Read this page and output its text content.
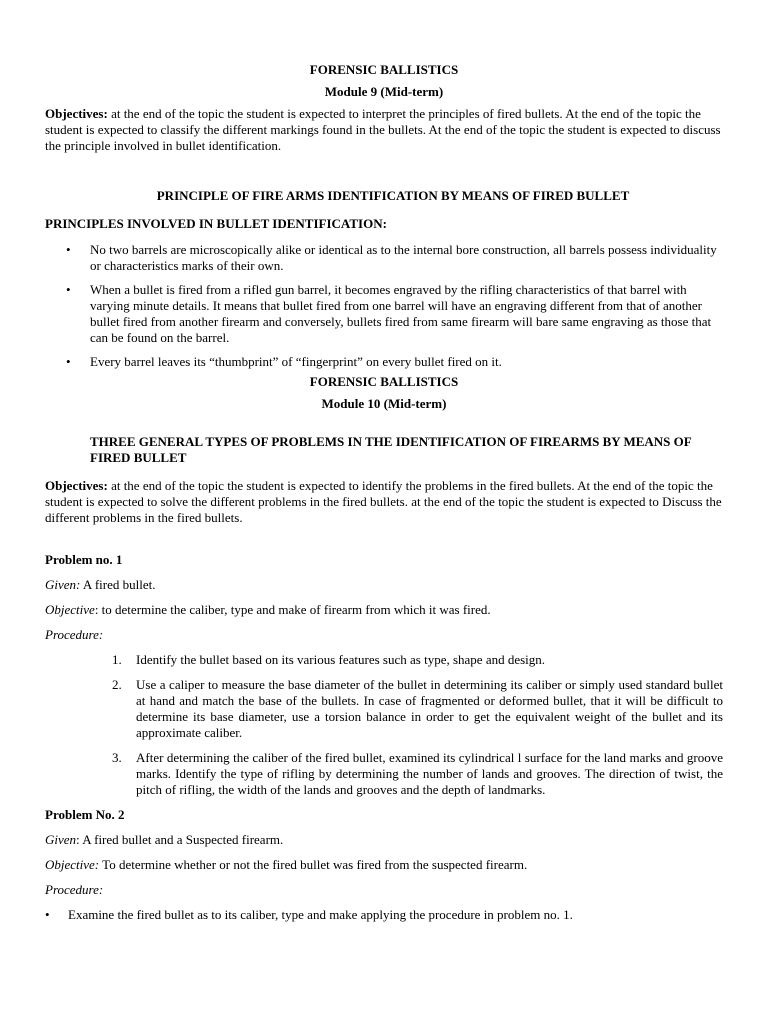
FORENSIC BALLISTICS

Module 9 (Mid-term)

Objectives: at the end of the topic the student is expected to interpret the principles of fired bullets. At the end of the topic the student is expected to classify the different markings found in the bullets. At the end of the topic the student is expected to discuss the principle involved in bullet identification.

PRINCIPLE OF FIRE ARMS IDENTIFICATION BY MEANS OF FIRED BULLET

PRINCIPLES INVOLVED IN BULLET IDENTIFICATION:

• No two barrels are microscopically alike or identical as to the internal bore construction, all barrels possess individuality or characteristics marks of their own.
• When a bullet is fired from a rifled gun barrel, it becomes engraved by the rifling characteristics of that barrel with varying minute details. It means that bullet fired from one barrel will have an engraving different from that of another bullet fired from another firearm and conversely, bullets fired from same firearm will bare same engraving as those that can be found on the barrel.
• Every barrel leaves its “thumbprint” of “fingerprint” on every bullet fired on it.

FORENSIC BALLISTICS

Module 10 (Mid-term)

THREE GENERAL TYPES OF PROBLEMS IN THE IDENTIFICATION OF FIREARMS BY MEANS OF FIRED BULLET

Objectives: at the end of the topic the student is expected to identify the problems in the fired bullets. At the end of the topic the student is expected to solve the different problems in the fired bullets. at the end of the topic the student is expected to Discuss the different problems in the fired bullets.

Problem no. 1

Given: A fired bullet.

Objective: to determine the caliber, type and make of firearm from which it was fired.

Procedure:

1. Identify the bullet based on its various features such as type, shape and design.
2. Use a caliper to measure the base diameter of the bullet in determining its caliber or simply used standard bullet at hand and match the base of the bullets. In case of fragmented or deformed bullet, that it will be difficult to determine its base diameter, use a torsion balance in order to get the equivalent weight of the bullet and its approximate caliber.
3. After determining the caliber of the fired bullet, examined its cylindrical l surface for the land marks and groove marks. Identify the type of rifling by determining the number of lands and grooves. The direction of twist, the pitch of rifling, the width of the lands and grooves and the depth of landmarks.

Problem No. 2

Given: A fired bullet and a Suspected firearm.

Objective: To determine whether or not the fired bullet was fired from the suspected firearm.

Procedure:

• Examine the fired bullet as to its caliber, type and make applying the procedure in problem no. 1.
